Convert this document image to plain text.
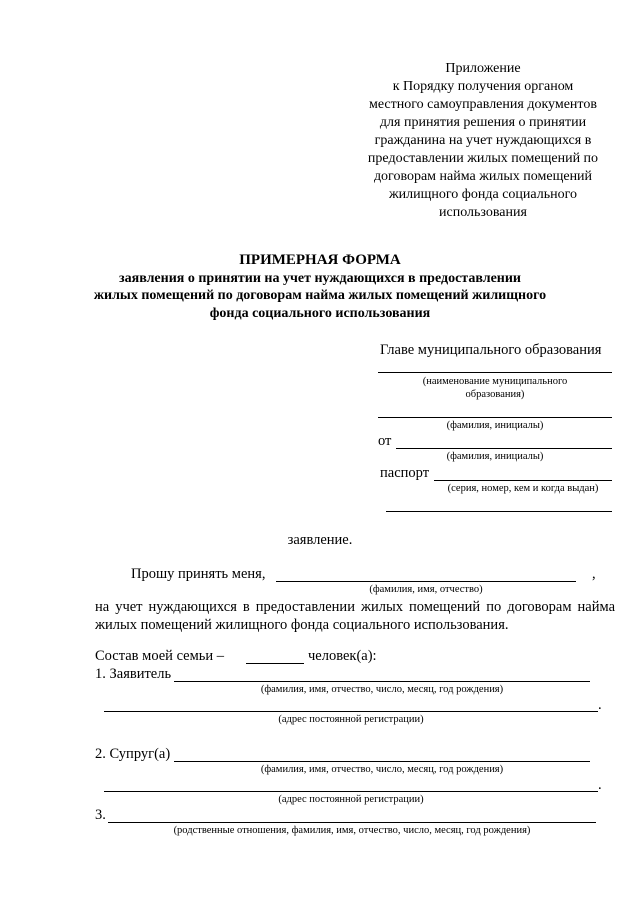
Приложение
к Порядку получения органом
местного самоуправления документов
для принятия решения о принятии
гражданина на учет нуждающихся в
предоставлении жилых помещений по
договорам найма жилых помещений
жилищного фонда социального
использования
ПРИМЕРНАЯ ФОРМА
заявления о принятии на учет нуждающихся в предоставлении
жилых помещений по договорам найма жилых помещений жилищного
фонда социального использования
Главе муниципального образования
(наименование муниципального
образования)
(фамилия, инициалы)
от
(фамилия, инициалы)
паспорт
(серия, номер, кем и когда выдан)
заявление.
Прошу принять меня,	,
(фамилия, имя, отчество)
на учет нуждающихся в предоставлении жилых помещений по договорам найма жилых помещений жилищного фонда социального использования.
Состав моей семьи –	человек(а):
1. Заявитель
(фамилия, имя, отчество, число, месяц, год рождения)
.
(адрес постоянной регистрации)
2. Супруг(а)
(фамилия, имя, отчество, число, месяц, год рождения)
.
(адрес постоянной регистрации)
3.
(родственные отношения, фамилия, имя, отчество, число, месяц, год рождения)
